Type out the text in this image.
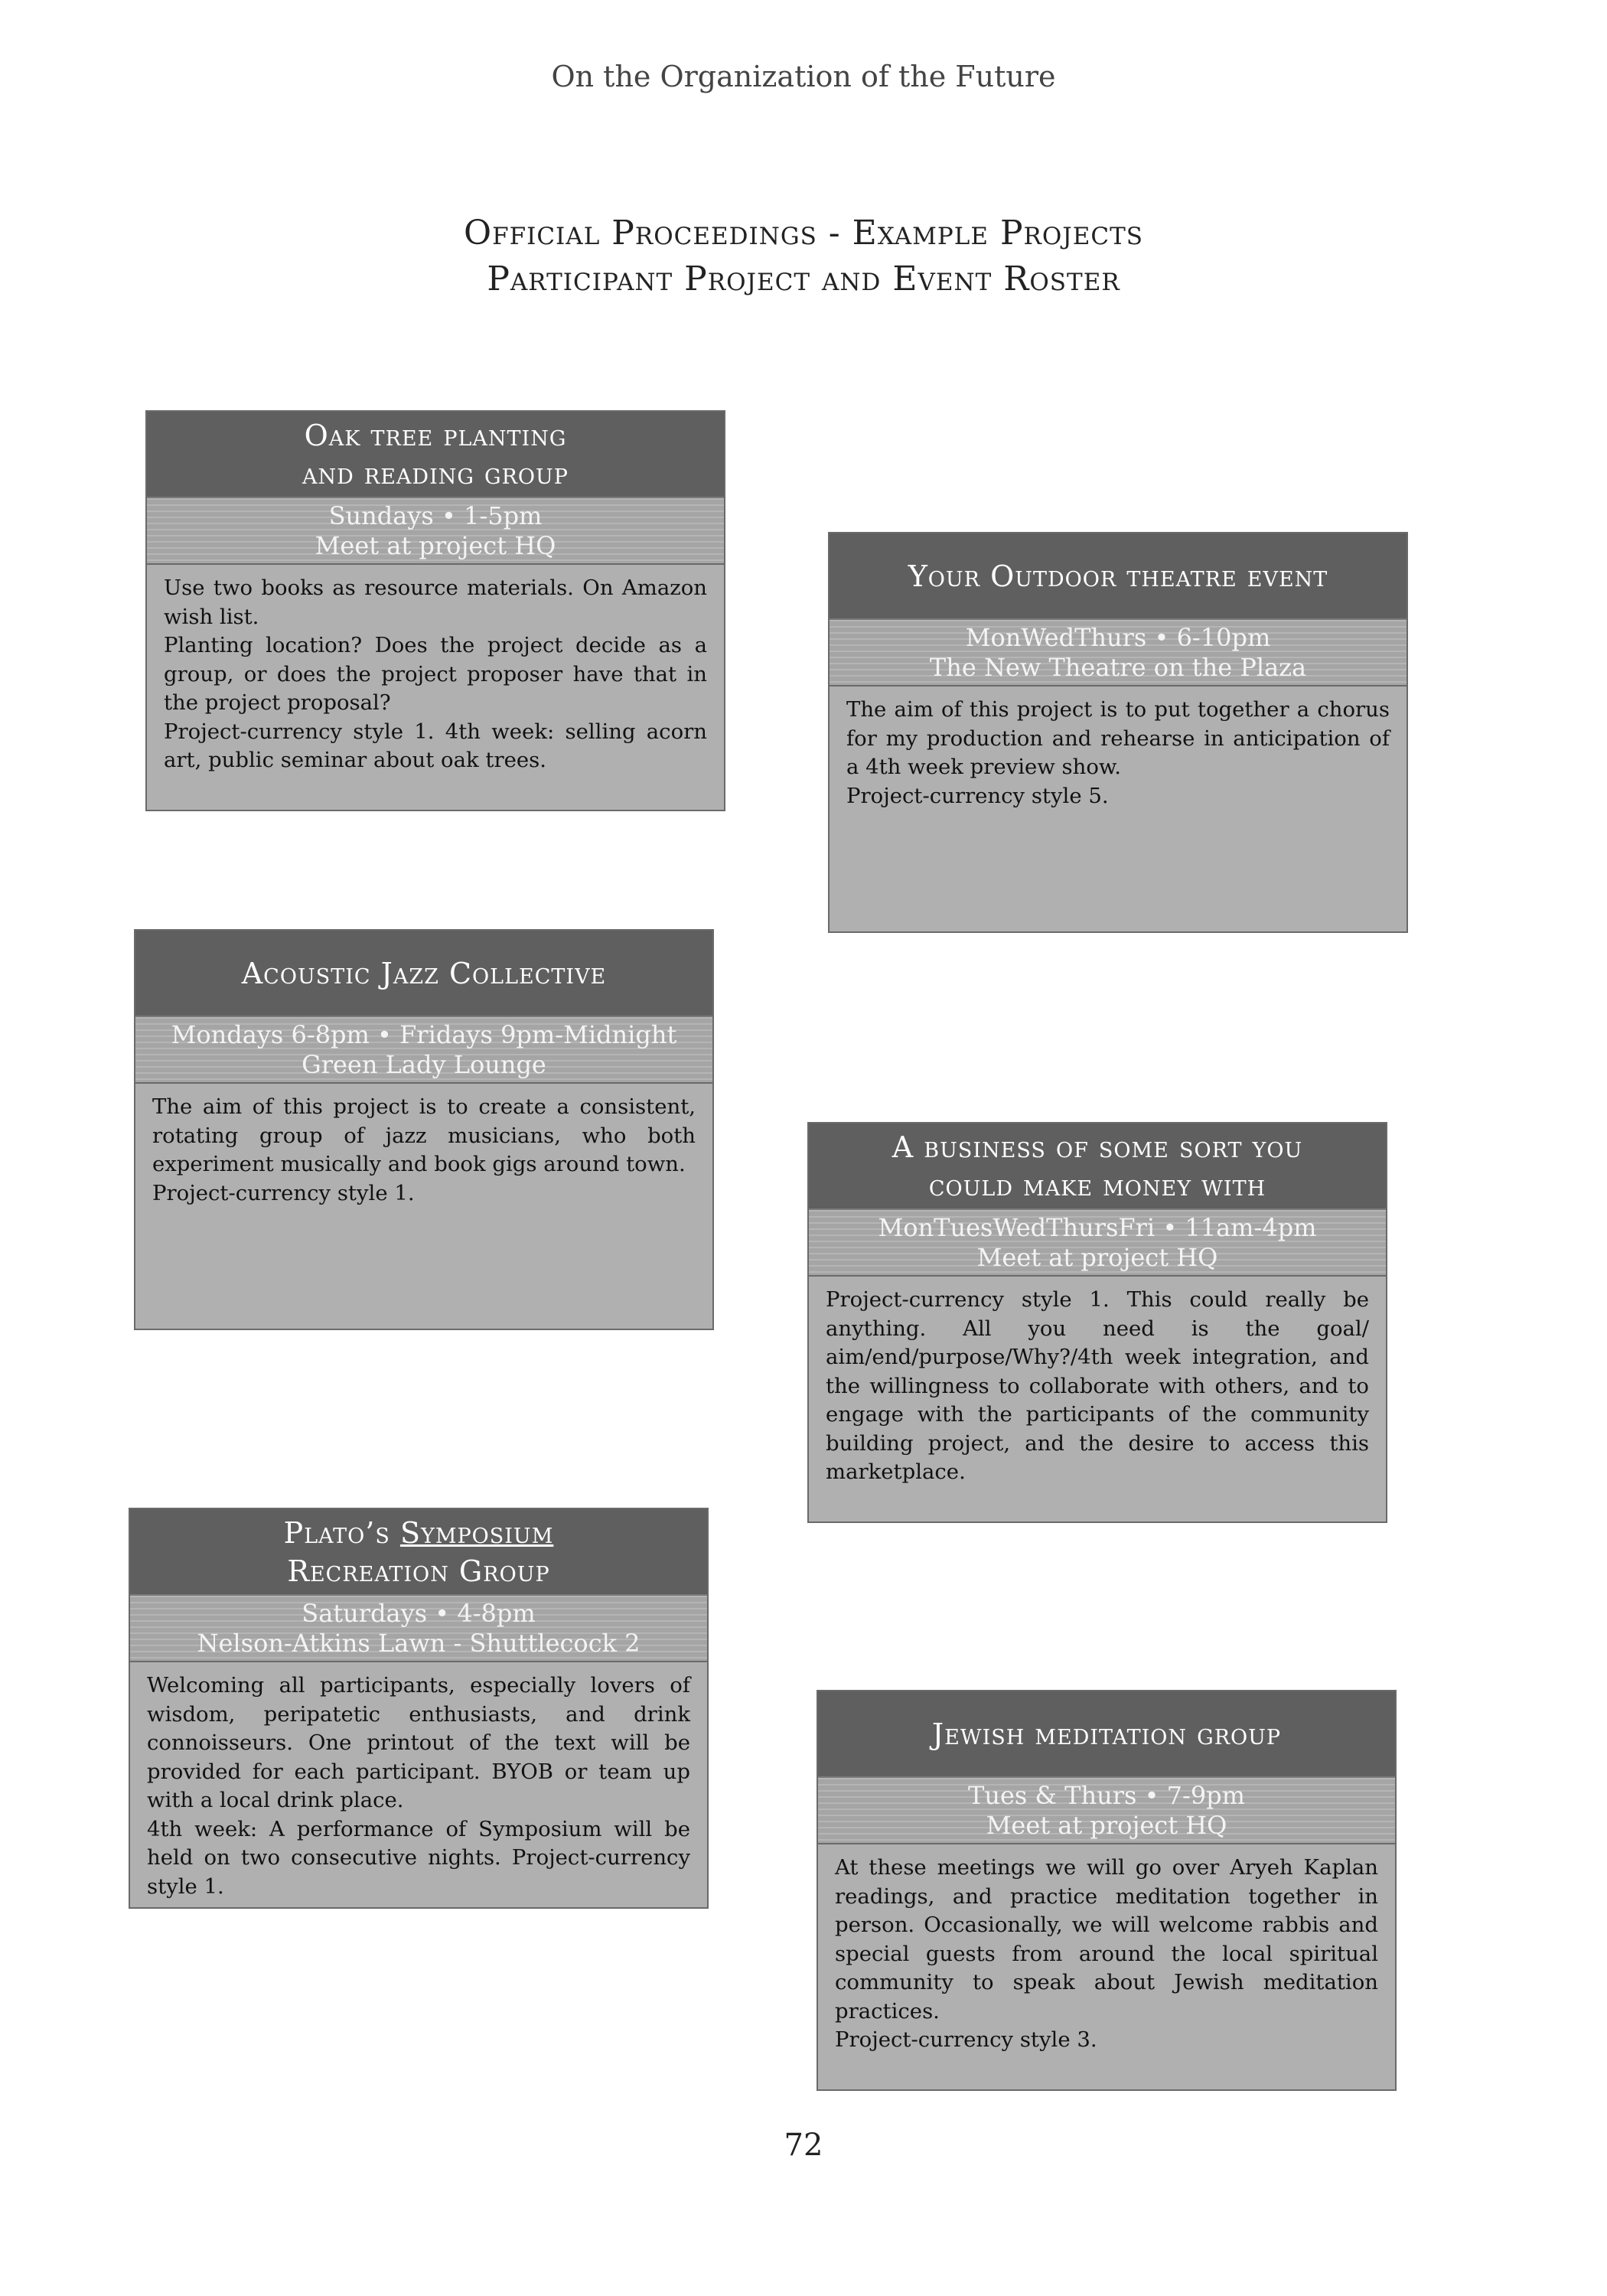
On the Organization of the Future
Official Proceedings - Example Projects
Participant Project and Event Roster
Oak tree planting
and reading group
Sundays • 1-5pm
Meet at project HQ

Use two books as resource materials. On Amazon wish list.

Planting location? Does the project decide as a group, or does the project proposer have that in the project proposal?

Project-currency style 1. 4th week: selling acorn art, public seminar about oak trees.

Your Outdoor theatre event
MonWedThurs • 6-10pm
The New Theatre on the Plaza

The aim of this project is to put together a chorus for my production and rehearse in anticipation of a 4th week preview show.

Project-currency style 5.

Acoustic Jazz Collective
Mondays 6-8pm • Fridays 9pm-Midnight
Green Lady Lounge

The aim of this project is to create a consistent, rotating group of jazz musicians, who both experiment musically and book gigs around town.

Project-currency style 1.

A business of some sort you
could make money with
MonTuesWedThursFri • 11am-4pm
Meet at project HQ

Project-currency style 1. This could really be anything. All you need is the goal/ aim/end/purpose/Why?/4th week integration, and the willingness to collaborate with others, and to engage with the participants of the community building project, and the desire to access this marketplace.

Plato’s Symposium
Recreation Group
Saturdays • 4-8pm
Nelson-Atkins Lawn - Shuttlecock 2

Welcoming all participants, especially lovers of wisdom, peripatetic enthusiasts, and drink connoisseurs. One printout of the text will be provided for each participant. BYOB or team up with a local drink place.

4th week: A performance of Symposium will be held on two consecutive nights. Project-currency style 1.

Jewish meditation group
Tues & Thurs • 7-9pm
Meet at project HQ

At these meetings we will go over Aryeh Kaplan readings, and practice meditation together in person. Occasionally, we will welcome rabbis and special guests from around the local spiritual community to speak about Jewish meditation practices.

Project-currency style 3.

72
